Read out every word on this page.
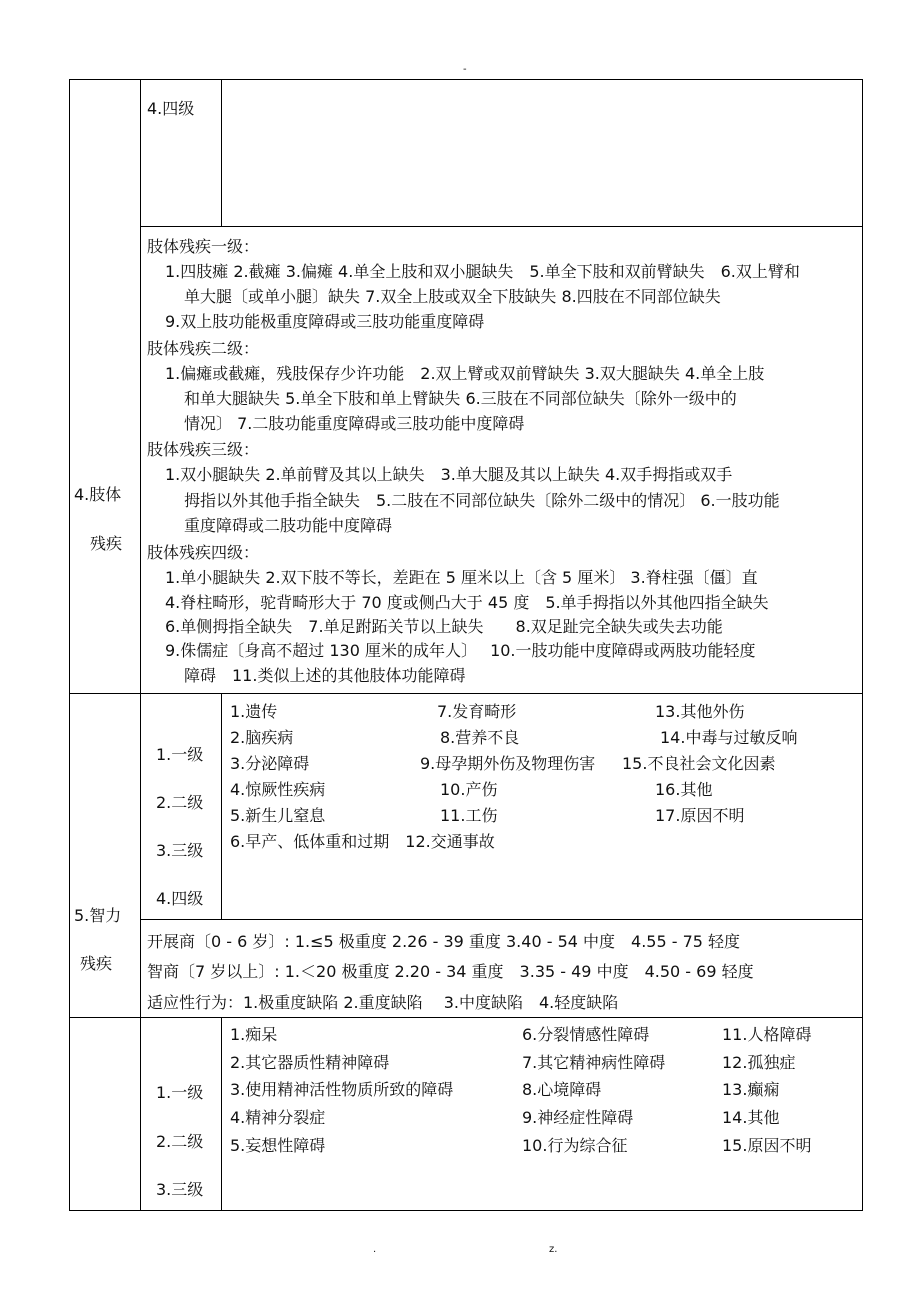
-
4.肢体
残疾
4.四级
肢体残疾一级：
1.四肢瘫 2.截瘫 3.偏瘫 4.单全上肢和双小腿缺失　5.单全下肢和双前臂缺失　6.双上臂和
单大腿〔或单小腿〕缺失 7.双全上肢或双全下肢缺失 8.四肢在不同部位缺失
9.双上肢功能极重度障碍或三肢功能重度障碍
肢体残疾二级：
1.偏瘫或截瘫，残肢保存少许功能　2.双上臂或双前臂缺失 3.双大腿缺失 4.单全上肢
和单大腿缺失 5.单全下肢和单上臂缺失 6.三肢在不同部位缺失〔除外一级中的
情况〕 7.二肢功能重度障碍或三肢功能中度障碍
肢体残疾三级：
1.双小腿缺失 2.单前臂及其以上缺失　3.单大腿及其以上缺失 4.双手拇指或双手
拇指以外其他手指全缺失　5.二肢在不同部位缺失〔除外二级中的情况〕 6.一肢功能
重度障碍或二肢功能中度障碍
肢体残疾四级：
1.单小腿缺失 2.双下肢不等长，差距在 5 厘米以上〔含 5 厘米〕 3.脊柱强〔僵〕直
4.脊柱畸形，驼背畸形大于 70 度或侧凸大于 45 度　5.单手拇指以外其他四指全缺失
6.单侧拇指全缺失　7.单足跗跖关节以上缺失　　8.双足趾完全缺失或失去功能
9.侏儒症〔身高不超过 130 厘米的成年人〕　 10.一肢功能中度障碍或两肢功能轻度
障碍　11.类似上述的其他肢体功能障碍
5.智力
残疾
1.一级
2.二级
3.三级
4.四级
1.遗传
2.脑疾病
3.分泌障碍
4.惊厥性疾病
5.新生儿窒息
6.早产、低体重和过期　12.交通事故
7.发育畸形
8.营养不良
9.母孕期外伤及物理伤害
10.产伤
11.工伤
13.其他外伤
14.中毒与过敏反响
15.不良社会文化因素
16.其他
17.原因不明
开展商〔0 - 6 岁〕: 1.≤5 极重度 2.26 - 39 重度 3.40 - 54 中度　4.55 - 75 轻度
智商〔7 岁以上〕: 1.＜20 极重度 2.20 - 34 重度　3.35 - 49 中度　4.50 - 69 轻度
适应性行为：1.极重度缺陷 2.重度缺陷　 3.中度缺陷　4.轻度缺陷
1.一级
2.二级
3.三级
1.痴呆
2.其它器质性精神障碍
3.使用精神活性物质所致的障碍
4.精神分裂症
5.妄想性障碍
6.分裂情感性障碍
7.其它精神病性障碍
8.心境障碍
9.神经症性障碍
10.行为综合征
11.人格障碍
12.孤独症
13.癫痫
14.其他
15.原因不明
.	z.
